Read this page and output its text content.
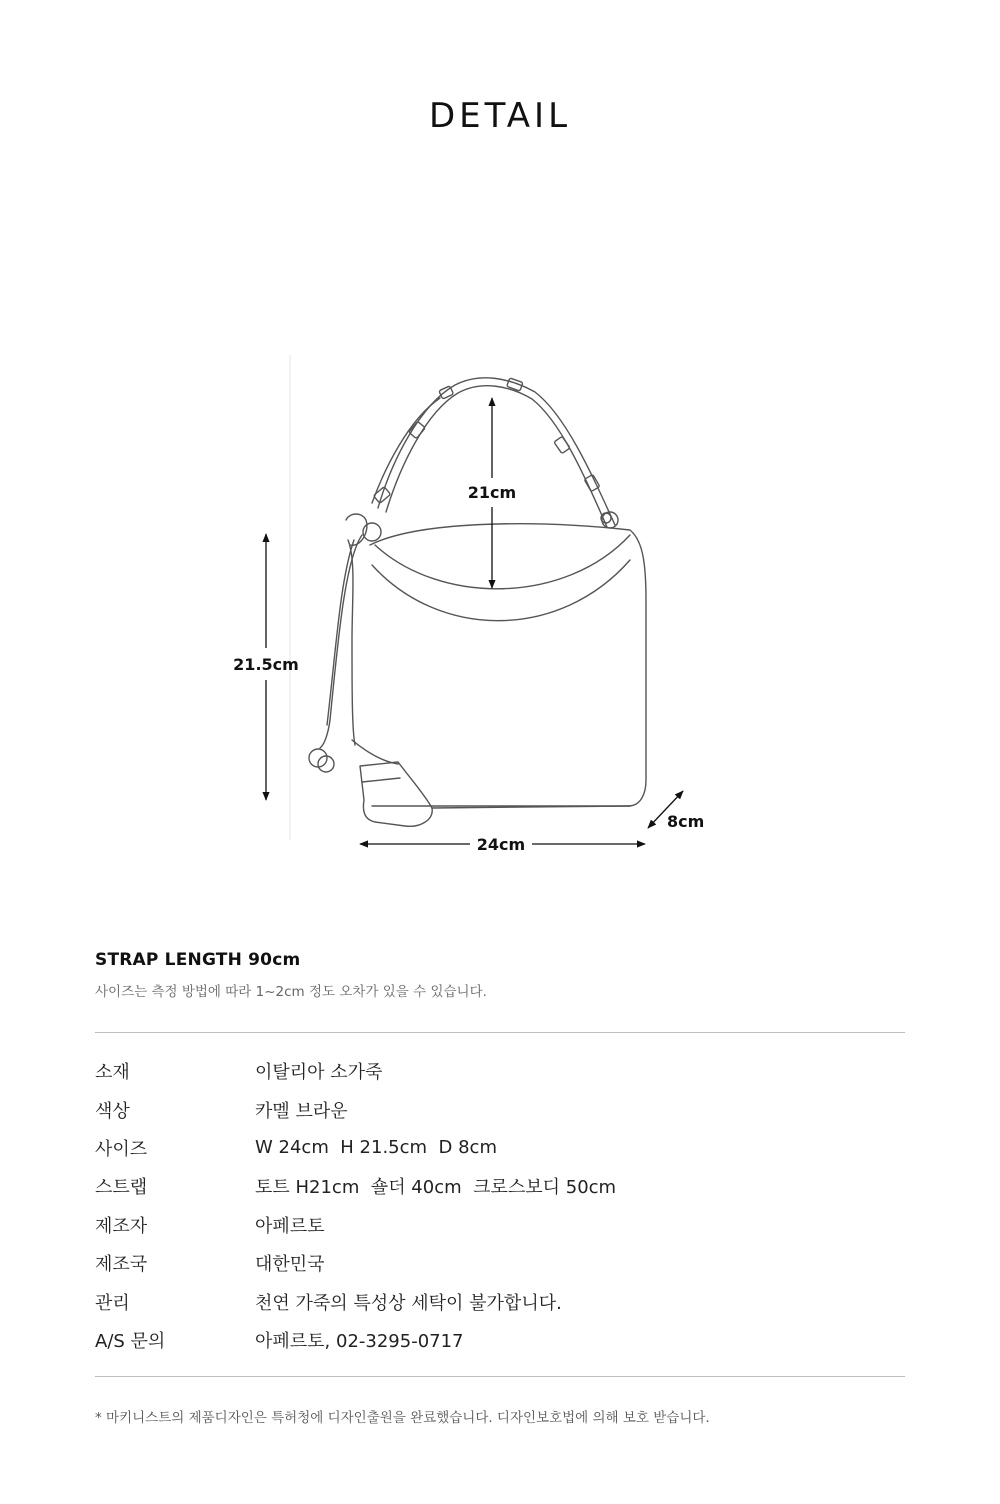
DETAIL
21cm
21.5cm
24cm
8cm
STRAP LENGTH 90cm
사이즈는 측정 방법에 따라 1~2cm 정도 오차가 있을 수 있습니다.
소재	이탈리아 소가죽
색상	카멜 브라운
사이즈	W 24cm  H 21.5cm  D 8cm
스트랩	토트 H21cm  숄더 40cm  크로스보디 50cm
제조자	아페르토
제조국	대한민국
관리	천연 가죽의 특성상 세탁이 불가합니다.
A/S 문의	아페르토, 02-3295-0717
* 마키니스트의 제품디자인은 특허청에 디자인출원을 완료했습니다. 디자인보호법에 의해 보호 받습니다.
